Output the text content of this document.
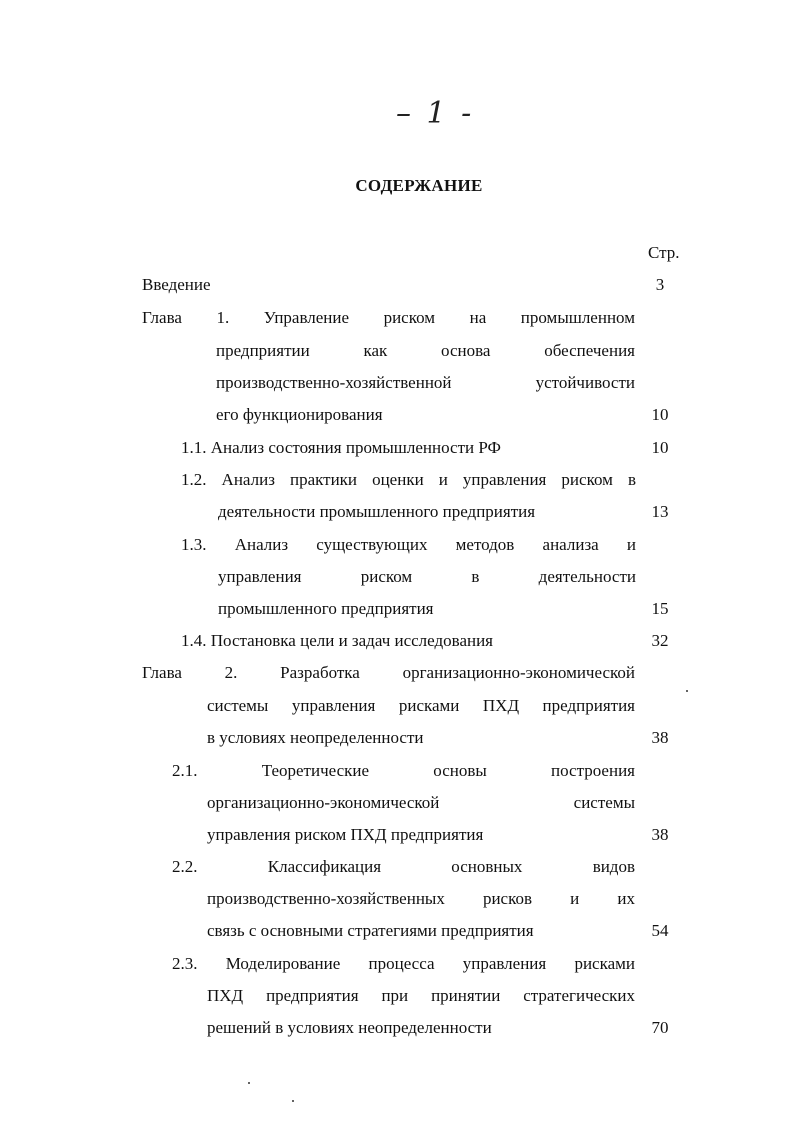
– 1 -
СОДЕРЖАНИЕ
Стр.
Введение	3
Глава 1. Управление риском на промышленном
предприятии как основа обеспечения
производственно-хозяйственной устойчивости
его функционирования	10
1.1. Анализ состояния промышленности РФ	10
1.2. Анализ практики оценки и управления риском в
деятельности промышленного предприятия	13
1.3. Анализ существующих методов анализа и
управления риском в деятельности
промышленного предприятия	15
1.4. Постановка цели и задач исследования	32
Глава 2. Разработка организационно-экономической
системы управления рисками ПХД предприятия
в условиях неопределенности	38
2.1. Теоретические основы построения
организационно-экономической системы
управления риском ПХД предприятия	38
2.2. Классификация основных видов
производственно-хозяйственных рисков и их
связь с основными стратегиями предприятия	54
2.3. Моделирование процесса управления рисками
ПХД предприятия при принятии стратегических
решений в условиях неопределенности	70
